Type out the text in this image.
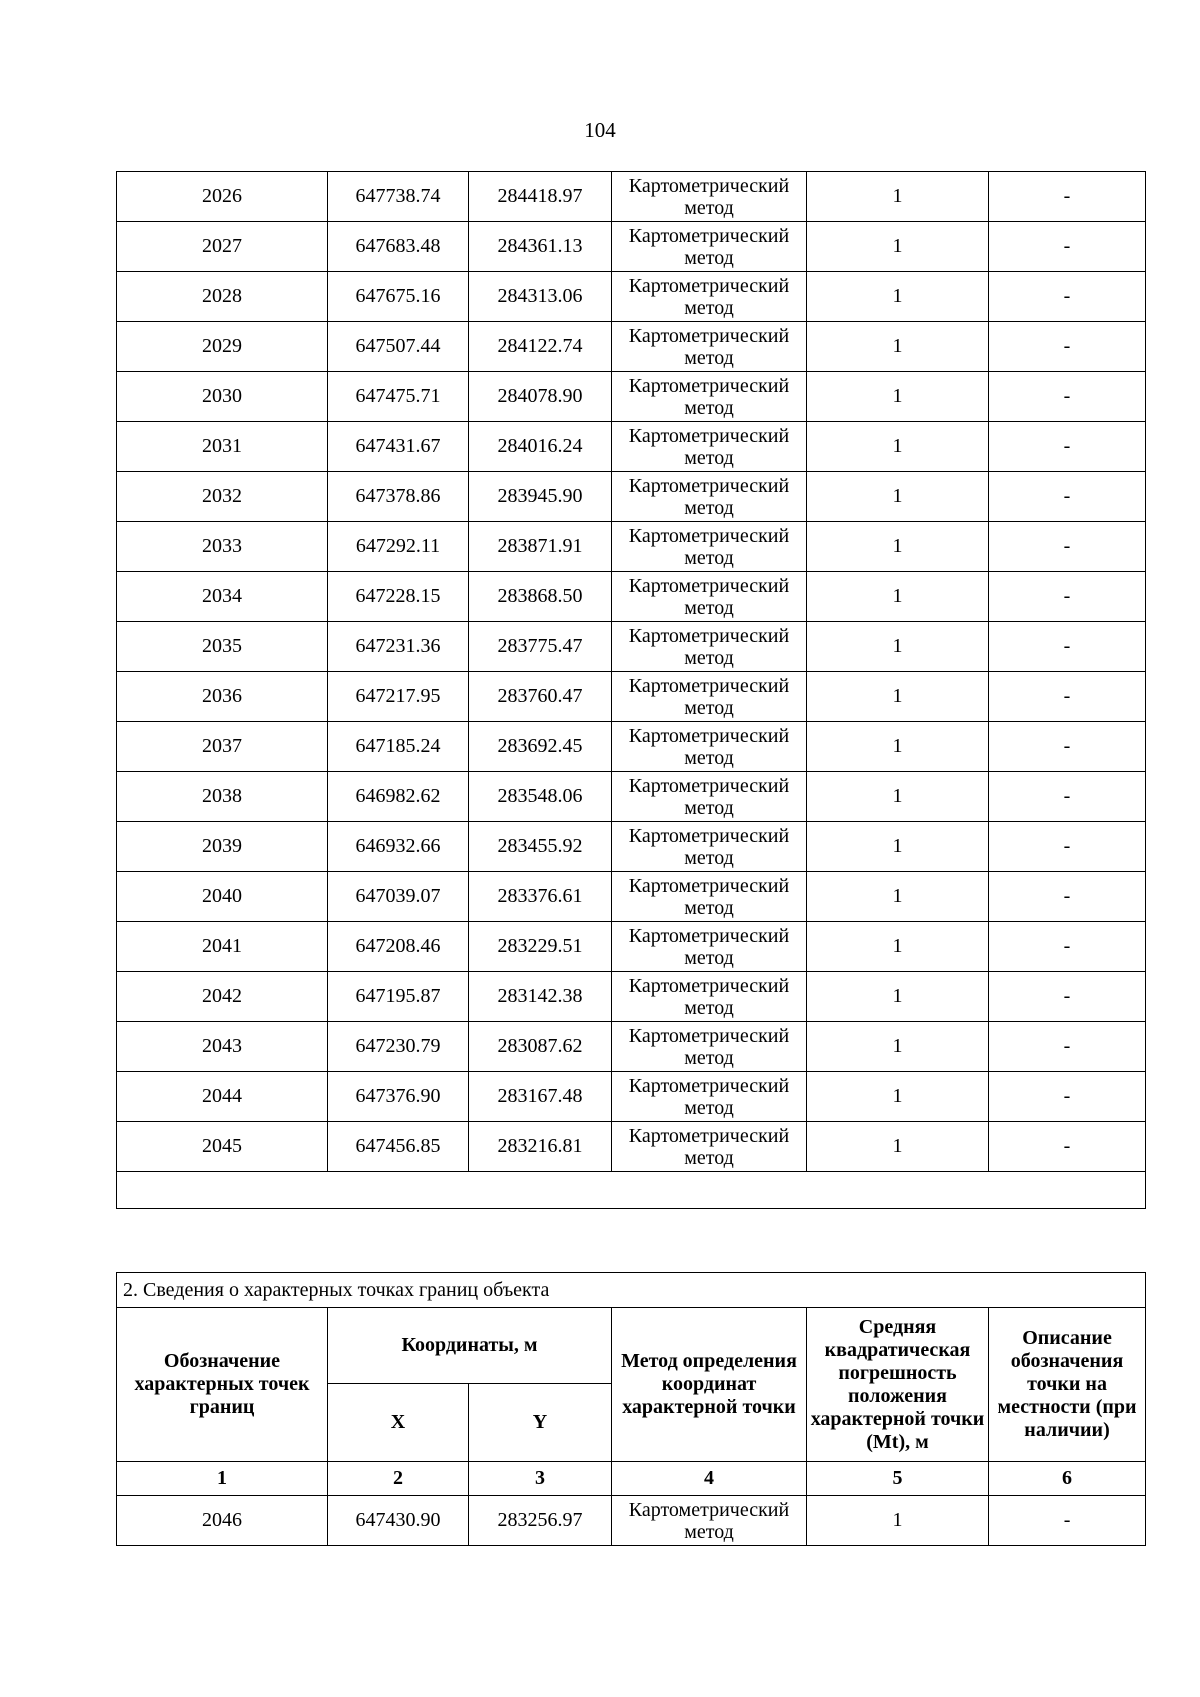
104
2026	647738.74	284418.97	Картометрический метод	1	-
2027	647683.48	284361.13	Картометрический метод	1	-
2028	647675.16	284313.06	Картометрический метод	1	-
2029	647507.44	284122.74	Картометрический метод	1	-
2030	647475.71	284078.90	Картометрический метод	1	-
2031	647431.67	284016.24	Картометрический метод	1	-
2032	647378.86	283945.90	Картометрический метод	1	-
2033	647292.11	283871.91	Картометрический метод	1	-
2034	647228.15	283868.50	Картометрический метод	1	-
2035	647231.36	283775.47	Картометрический метод	1	-
2036	647217.95	283760.47	Картометрический метод	1	-
2037	647185.24	283692.45	Картометрический метод	1	-
2038	646982.62	283548.06	Картометрический метод	1	-
2039	646932.66	283455.92	Картометрический метод	1	-
2040	647039.07	283376.61	Картометрический метод	1	-
2041	647208.46	283229.51	Картометрический метод	1	-
2042	647195.87	283142.38	Картометрический метод	1	-
2043	647230.79	283087.62	Картометрический метод	1	-
2044	647376.90	283167.48	Картометрический метод	1	-
2045	647456.85	283216.81	Картометрический метод	1	-

2. Сведения о характерных точках границ объекта					
Обозначение характерных точек границ	Координаты, м		Метод определения координат характерной точки	Средняя квадратическая погрешность положения характерной точки (Mt), м	Описание обозначения точки на местности (при наличии)
	X	Y			
1	2	3	4	5	6
2046	647430.90	283256.97	Картометрический метод	1	-
